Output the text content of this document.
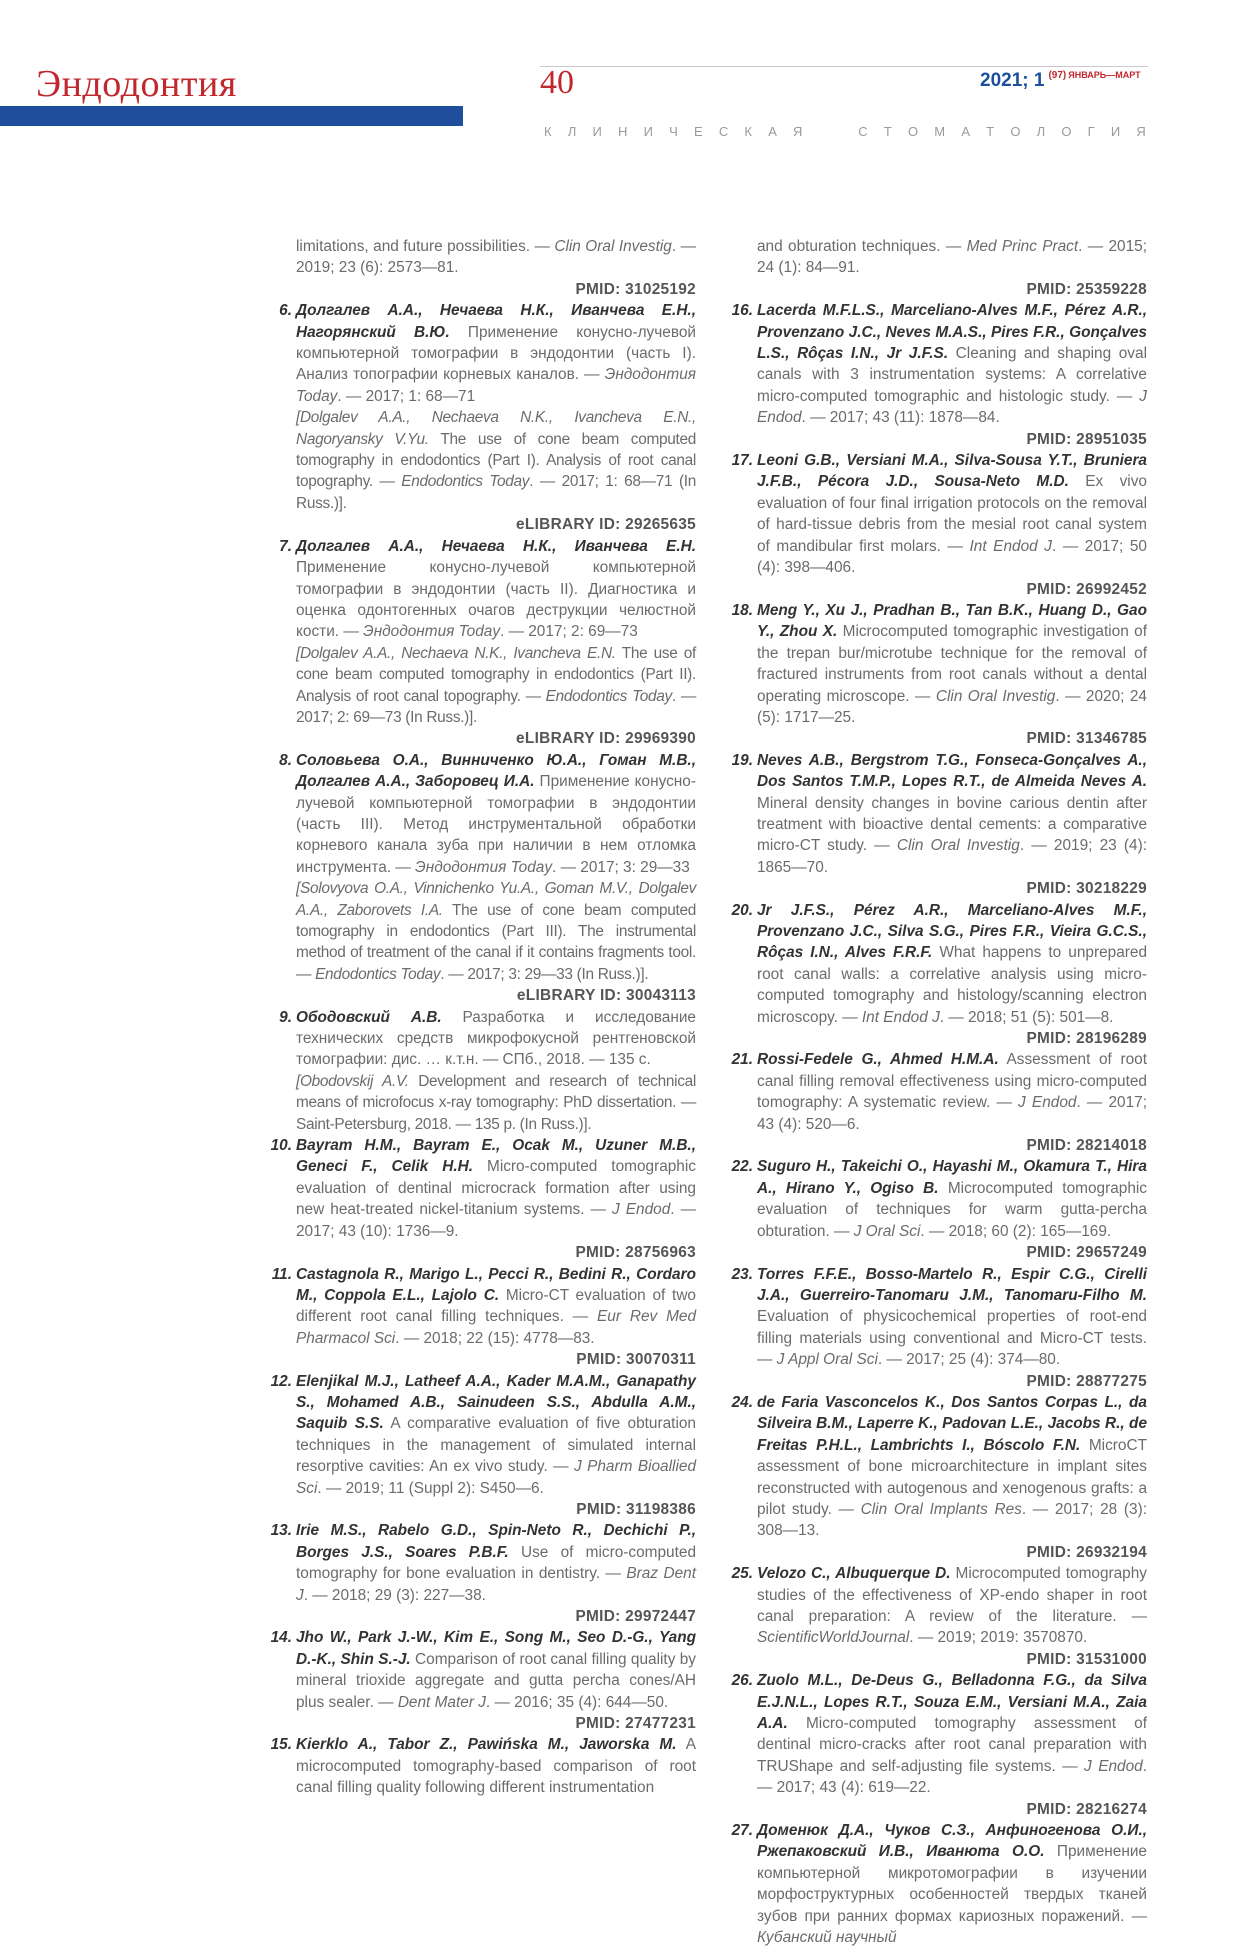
Эндодонтия	40	2021; 1 $^{(97)}$ $^{ЯНВАРЬ—МАРТ}$
К Л И Н И Ч Е С К А Я

	С Т О М А Т О Л О Г И Я

limitations, and future possibilities. — Clin Oral Investig. — 2019; 23 (6): 2573—81.

PMID: 31025192
6. Долгалев А.А., Нечаева Н.К., Иванчева Е.Н., Нагорянский В.Ю. Применение конусно-лучевой компьютерной томографии в эндодонтии (часть I). Анализ топографии корневых каналов. — Эндодонтия Today. — 2017; 1: 68—71

[Dolgalev A.A., Nechaeva N.K., Ivancheva E.N., Nagoryansky V.Yu. The use of cone beam computed tomography in endodontics (Part I). Analysis of root canal topography. — Endodontics Today. — 2017; 1: 68—71 (In Russ.)].

eLIBRARY ID: 29265635
7. Долгалев А.А., Нечаева Н.К., Иванчева Е.Н. Применение конусно-лучевой компьютерной томографии в эндодонтии (часть II). Диагностика и оценка одонтогенных очагов деструкции челюстной кости. — Эндодонтия Today. — 2017; 2: 69—73

[Dolgalev A.A., Nechaeva N.K., Ivancheva E.N. The use of cone beam computed tomography in endodontics (Part II). Analysis of root canal topography. — Endodontics Today. — 2017; 2: 69—73 (In Russ.)].

eLIBRARY ID: 29969390
8. Соловьева О.А., Винниченко Ю.А., Гоман М.В., Долгалев А.А., Заборовец И.А. Применение конусно-лучевой компьютерной томографии в эндодонтии (часть III). Метод инструментальной обработки корневого канала зуба при наличии в нем отломка инструмента. — Эндодонтия Today. — 2017; 3: 29—33

[Solovyova O.A., Vinnichenko Yu.A., Goman M.V., Dolgalev A.A., Zaborovets I.A. The use of cone beam computed tomography in endodontics (Part III). The instrumental method of treatment of the canal if it contains fragments tool. — Endodontics Today. — 2017; 3: 29—33 (In Russ.)].

eLIBRARY ID: 30043113
9. Ободовский А.В. Разработка и исследование технических средств микрофокусной рентгеновской томографии: дис. … к.т.н. — СПб., 2018. — 135 с.

[Obodovskij A.V. Development and research of technical means of microfocus x-ray tomography: PhD dissertation. — Saint-Petersburg, 2018. — 135 p. (In Russ.)].

10. Bayram H.M., Bayram E., Ocak M., Uzuner M.B., Geneci F., Celik H.H. Micro-computed tomographic evaluation of dentinal microcrack formation after using new heat-treated nickel-titanium systems. — J Endod. — 2017; 43 (10): 1736—9.

PMID: 28756963
11. Castagnola R., Marigo L., Pecci R., Bedini R., Cordaro M., Coppola E.L., Lajolo C. Micro-CT evaluation of two different root canal filling techniques. — Eur Rev Med Pharmacol Sci. — 2018; 22 (15): 4778—83.

PMID: 30070311
12. Elenjikal M.J., Latheef A.A., Kader M.A.M., Ganapathy S., Mohamed A.B., Sainudeen S.S., Abdulla A.M., Saquib S.S. A comparative evaluation of five obturation techniques in the management of simulated internal resorptive cavities: An ex vivo study. — J Pharm Bioallied Sci. — 2019; 11 (Suppl 2): S450—6.

PMID: 31198386
13. Irie M.S., Rabelo G.D., Spin-Neto R., Dechichi P., Borges J.S., Soares P.B.F. Use of micro-computed tomography for bone evaluation in dentistry. — Braz Dent J. — 2018; 29 (3): 227—38.

PMID: 29972447
14. Jho W., Park J.-W., Kim E., Song M., Seo D.-G., Yang D.-K., Shin S.-J. Comparison of root canal filling quality by mineral trioxide aggregate and gutta percha cones/AH plus sealer. — Dent Mater J. — 2016; 35 (4): 644—50.

PMID: 27477231
15. Kierklo A., Tabor Z., Pawińska M., Jaworska M. A microcomputed tomography-based comparison of root canal filling quality following different instrumentation

and obturation techniques. — Med Princ Pract. — 2015; 24 (1): 84—91.

PMID: 25359228
16. Lacerda M.F.L.S., Marceliano-Alves M.F., Pérez A.R., Provenzano J.C., Neves M.A.S., Pires F.R., Gonçalves L.S., Rôças I.N., Jr J.F.S. Cleaning and shaping oval canals with 3 instrumentation systems: A correlative micro-computed tomographic and histologic study. — J Endod. — 2017; 43 (11): 1878—84.

PMID: 28951035
17. Leoni G.B., Versiani M.A., Silva-Sousa Y.T., Bruniera J.F.B., Pécora J.D., Sousa-Neto M.D. Ex vivo evaluation of four final irrigation protocols on the removal of hard-tissue debris from the mesial root canal system of mandibular first molars. — Int Endod J. — 2017; 50 (4): 398—406.

PMID: 26992452
18. Meng Y., Xu J., Pradhan B., Tan B.K., Huang D., Gao Y., Zhou X. Microcomputed tomographic investigation of the trepan bur/microtube technique for the removal of fractured instruments from root canals without a dental operating microscope. — Clin Oral Investig. — 2020; 24 (5): 1717—25.

PMID: 31346785
19. Neves A.B., Bergstrom T.G., Fonseca-Gonçalves A., Dos Santos T.M.P., Lopes R.T., de Almeida Neves A. Mineral density changes in bovine carious dentin after treatment with bioactive dental cements: a comparative micro-CT study. — Clin Oral Investig. — 2019; 23 (4): 1865—70.

PMID: 30218229
20. Jr J.F.S., Pérez A.R., Marceliano-Alves M.F., Provenzano J.C., Silva S.G., Pires F.R., Vieira G.C.S., Rôças I.N., Alves F.R.F. What happens to unprepared root canal walls: a correlative analysis using micro-computed tomography and histology/scanning electron microscopy. — Int Endod J. — 2018; 51 (5): 501—8.

PMID: 28196289
21. Rossi-Fedele G., Ahmed H.M.A. Assessment of root canal filling removal effectiveness using micro-computed tomography: A systematic review. — J Endod. — 2017; 43 (4): 520—6.

PMID: 28214018
22. Suguro H., Takeichi O., Hayashi M., Okamura T., Hira A., Hirano Y., Ogiso B. Microcomputed tomographic evaluation of techniques for warm gutta-percha obturation. — J Oral Sci. — 2018; 60 (2): 165—169.

PMID: 29657249
23. Torres F.F.E., Bosso-Martelo R., Espir C.G., Cirelli J.A., Guerreiro-Tanomaru J.M., Tanomaru-Filho M. Evaluation of physicochemical properties of root-end filling materials using conventional and Micro-CT tests. — J Appl Oral Sci. — 2017; 25 (4): 374—80.

PMID: 28877275
24. de Faria Vasconcelos K., Dos Santos Corpas L., da Silveira B.M., Laperre K., Padovan L.E., Jacobs R., de Freitas P.H.L., Lambrichts I., Bóscolo F.N. MicroCT assessment of bone microarchitecture in implant sites reconstructed with autogenous and xenogenous grafts: a pilot study. — Clin Oral Implants Res. — 2017; 28 (3): 308—13.

PMID: 26932194
25. Velozo C., Albuquerque D. Microcomputed tomography studies of the effectiveness of XP-endo shaper in root canal preparation: A review of the literature. — ScientificWorldJournal. — 2019; 2019: 3570870.

PMID: 31531000
26. Zuolo M.L., De-Deus G., Belladonna F.G., da Silva E.J.N.L., Lopes R.T., Souza E.M., Versiani M.A., Zaia A.A. Micro-computed tomography assessment of dentinal micro-cracks after root canal preparation with TRUShape and self-adjusting file systems. — J Endod. — 2017; 43 (4): 619—22.

PMID: 28216274
27. Доменюк Д.А., Чуков С.З., Анфиногенова О.И., Ржепаковский И.В., Иванюта О.О. Применение компьютерной микротомографии в изучении морфоструктурных особенностей твердых тканей зубов при ранних формах кариозных поражений. — Кубанский научный
